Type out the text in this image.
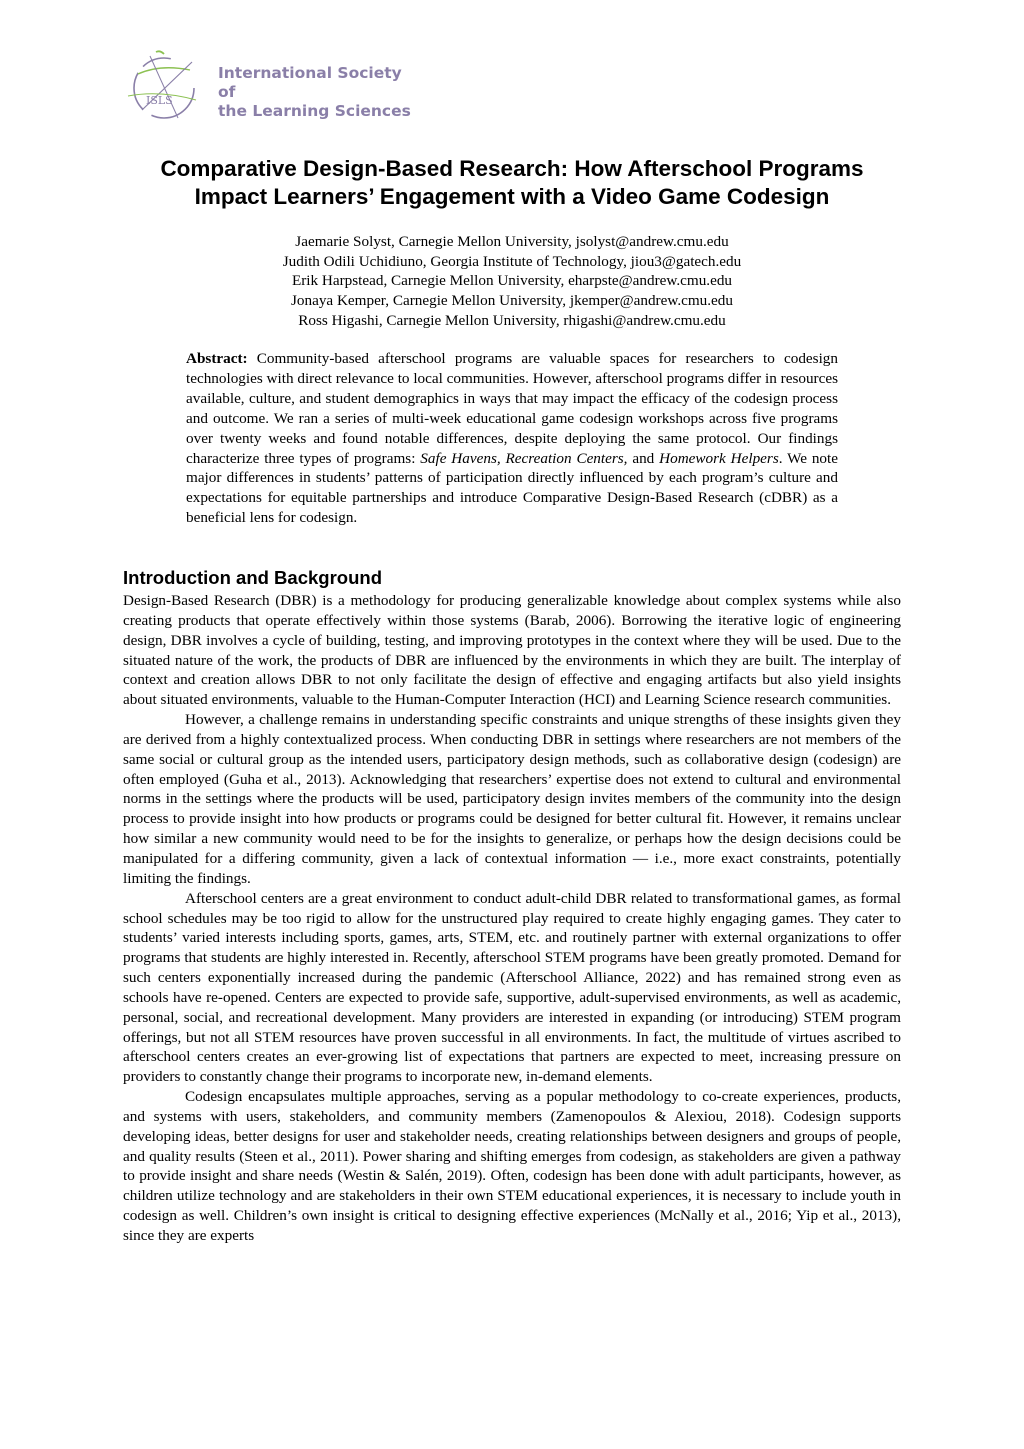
ISLS
International Society of
the Learning Sciences
Comparative Design-Based Research: How Afterschool Programs
Impact Learners’ Engagement with a Video Game Codesign
Jaemarie Solyst, Carnegie Mellon University, jsolyst@andrew.cmu.edu
Judith Odili Uchidiuno, Georgia Institute of Technology, jiou3@gatech.edu
Erik Harpstead, Carnegie Mellon University, eharpste@andrew.cmu.edu
Jonaya Kemper, Carnegie Mellon University, jkemper@andrew.cmu.edu
Ross Higashi, Carnegie Mellon University, rhigashi@andrew.cmu.edu

Abstract: Community-based afterschool programs are valuable spaces for researchers to codesign technologies with direct relevance to local communities. However, afterschool programs differ in resources available, culture, and student demographics in ways that may impact the efficacy of the codesign process and outcome. We ran a series of multi-week educational game codesign workshops across five programs over twenty weeks and found notable differences, despite deploying the same protocol. Our findings characterize three types of programs: Safe Havens, Recreation Centers, and Homework Helpers. We note major differences in students’ patterns of participation directly influenced by each program’s culture and expectations for equitable partnerships and introduce Comparative Design-Based Research (cDBR) as a beneficial lens for codesign.

Introduction and Background

Design-Based Research (DBR) is a methodology for producing generalizable knowledge about complex systems while also creating products that operate effectively within those systems (Barab, 2006). Borrowing the iterative logic of engineering design, DBR involves a cycle of building, testing, and improving prototypes in the context where they will be used. Due to the situated nature of the work, the products of DBR are influenced by the environments in which they are built. The interplay of context and creation allows DBR to not only facilitate the design of effective and engaging artifacts but also yield insights about situated environments, valuable to the Human-Computer Interaction (HCI) and Learning Science research communities.

However, a challenge remains in understanding specific constraints and unique strengths of these insights given they are derived from a highly contextualized process. When conducting DBR in settings where researchers are not members of the same social or cultural group as the intended users, participatory design methods, such as collaborative design (codesign) are often employed (Guha et al., 2013). Acknowledging that researchers’ expertise does not extend to cultural and environmental norms in the settings where the products will be used, participatory design invites members of the community into the design process to provide insight into how products or programs could be designed for better cultural fit. However, it remains unclear how similar a new community would need to be for the insights to generalize, or perhaps how the design decisions could be manipulated for a differing community, given a lack of contextual information — i.e., more exact constraints, potentially limiting the findings.

Afterschool centers are a great environment to conduct adult-child DBR related to transformational games, as formal school schedules may be too rigid to allow for the unstructured play required to create highly engaging games. They cater to students’ varied interests including sports, games, arts, STEM, etc. and routinely partner with external organizations to offer programs that students are highly interested in. Recently, afterschool STEM programs have been greatly promoted. Demand for such centers exponentially increased during the pandemic (Afterschool Alliance, 2022) and has remained strong even as schools have re-opened. Centers are expected to provide safe, supportive, adult-supervised environments, as well as academic, personal, social, and recreational development. Many providers are interested in expanding (or introducing) STEM program offerings, but not all STEM resources have proven successful in all environments. In fact, the multitude of virtues ascribed to afterschool centers creates an ever-growing list of expectations that partners are expected to meet, increasing pressure on providers to constantly change their programs to incorporate new, in-demand elements.

Codesign encapsulates multiple approaches, serving as a popular methodology to co-create experiences, products, and systems with users, stakeholders, and community members (Zamenopoulos & Alexiou, 2018). Codesign supports developing ideas, better designs for user and stakeholder needs, creating relationships between designers and groups of people, and quality results (Steen et al., 2011). Power sharing and shifting emerges from codesign, as stakeholders are given a pathway to provide insight and share needs (Westin & Salén, 2019). Often, codesign has been done with adult participants, however, as children utilize technology and are stakeholders in their own STEM educational experiences, it is necessary to include youth in codesign as well. Children’s own insight is critical to designing effective experiences (McNally et al., 2016; Yip et al., 2013), since they are experts
